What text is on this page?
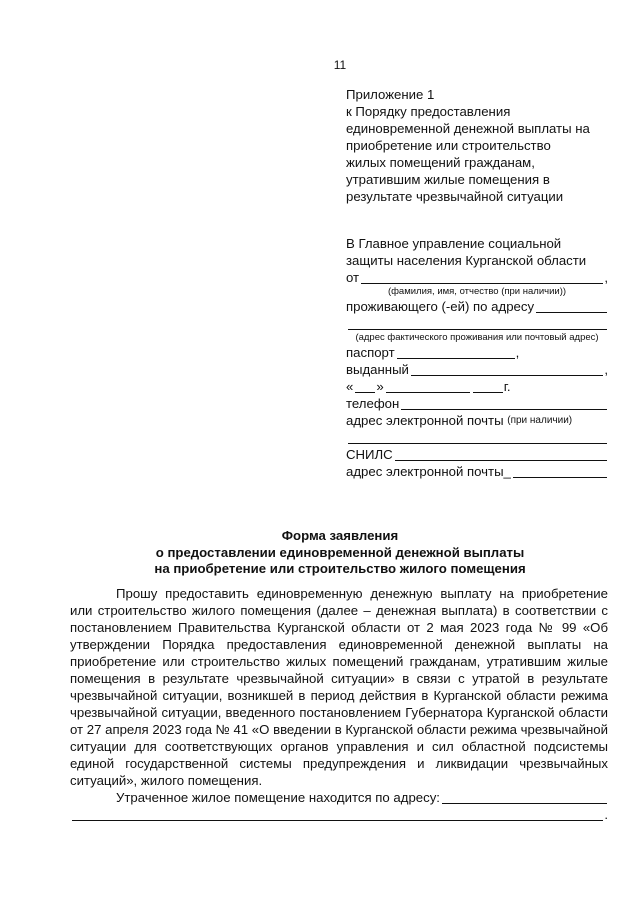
11
Приложение 1
к Порядку предоставления
единовременной денежной выплаты на
приобретение или строительство
жилых помещений гражданам,
утратившим жилые помещения в
результате чрезвычайной ситуации
В Главное управление социальной
защиты населения Курганской области
от	,
(фамилия, имя, отчество (при наличии))
проживающего (-ей) по адресу
(адрес фактического проживания или почтовый адрес)
паспорт	,
выданный	,
« »	г.
телефон
адрес электронной почты
(при наличии)
СНИЛС
адрес электронной почты_
Форма заявления
о предоставлении единовременной денежной выплаты
на приобретение или строительство жилого помещения

Прошу предоставить единовременную денежную выплату на приобретение или строительство жилого помещения (далее – денежная выплата) в соответствии с постановлением Правительства Курганской области от 2 мая 2023 года № 99 «Об утверждении Порядка предоставления единовременной денежной выплаты на приобретение или строительство жилых помещений гражданам, утратившим жилые помещения в результате чрезвычайной ситуации» в связи с утратой в результате чрезвычайной ситуации, возникшей в период действия в Курганской области режима чрезвычайной ситуации, введенного постановлением Губернатора Курганской области от 27 апреля 2023 года № 41 «О введении в Курганской области режима чрезвычайной ситуации для соответствующих органов управления и сил областной подсистемы единой государственной системы предупреждения и ликвидации чрезвычайных ситуаций», жилого помещения.

Утраченное жилое помещение находится по адресу:
.
